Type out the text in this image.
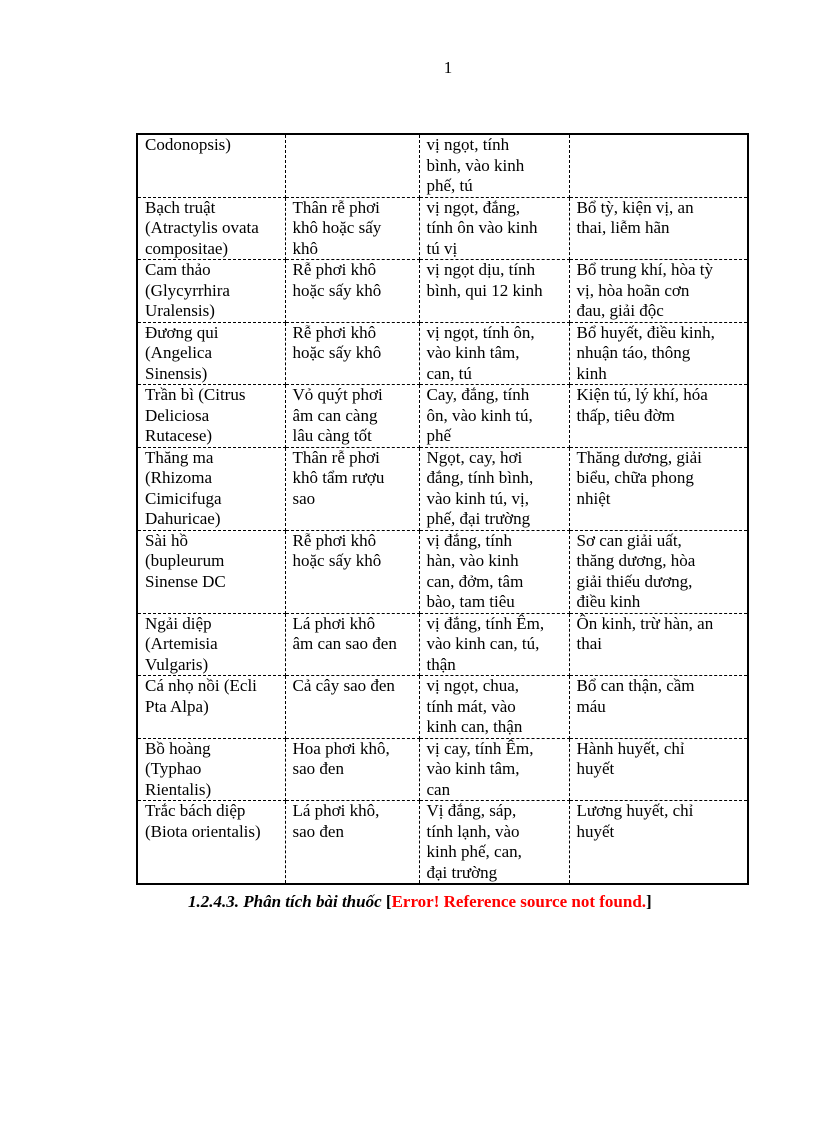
1
Codonopsis)		vị ngọt, tính
bình, vào kinh
phế, tú	

Bạch truật
(Atractylis ovata
compositae)	Thân rễ phơi
khô hoặc sấy
khô	vị ngọt, đắng,
tính ôn vào kinh
tú vị	Bổ tỳ, kiện vị, an
thai, liễm hãn

Cam thảo
(Glycyrrhira
Uralensis)	Rễ phơi khô
hoặc sấy khô	vị ngọt dịu, tính
bình, qui 12 kinh	Bổ trung khí, hòa tỳ
vị, hòa hoãn cơn
đau, giải độc

Đương qui
(Angelica
Sinensis)	Rễ phơi khô
hoặc sấy khô	vị ngọt, tính ôn,
vào kinh tâm,
can, tú	Bổ huyết, điều kinh,
nhuận táo, thông
kinh

Trần bì (Citrus
Deliciosa
Rutacese)	Vỏ quýt phơi
âm can càng
lâu càng tốt	Cay, đắng, tính
ôn, vào kinh tú,
phế	Kiện tú, lý khí, hóa
thấp, tiêu đờm

Thăng ma
(Rhizoma
Cimicifuga
Dahuricae)	Thân rễ phơi
khô tẩm rượu
sao	Ngọt, cay, hơi
đắng, tính bình,
vào kinh tú, vị,
phế, đại trường	Thăng dương, giải
biểu, chữa phong
nhiệt

Sài hồ
(bupleurum
Sinense DC	Rễ phơi khô
hoặc sấy khô	vị đắng, tính
hàn, vào kinh
can, đởm, tâm
bào, tam tiêu	Sơ can giải uất,
thăng dương, hòa
giải thiếu dương,
điều kinh

Ngải diệp
(Artemisia
Vulgaris)	Lá phơi khô
âm can sao đen	vị đắng, tính Êm,
vào kinh can, tú,
thận	Ôn kinh, trừ hàn, an
thai

Cá nhọ nồi (Ecli
Pta Alpa)	Cả cây sao đen	vị ngọt, chua,
tính mát, vào
kinh can, thận	Bổ can thận, cầm
máu

Bồ hoàng
(Typhao
Rientalis)	Hoa phơi khô,
sao đen	vị cay, tính Êm,
vào kinh tâm,
can	Hành huyết, chỉ
huyết

Trắc bách diệp
(Biota orientalis)	Lá phơi khô,
sao đen	Vị đắng, sáp,
tính lạnh, vào
kinh phế, can,
đại trường	Lương huyết, chỉ
huyết
1.2.4.3. Phân tích bài thuốc [Error! Reference source not found.]
